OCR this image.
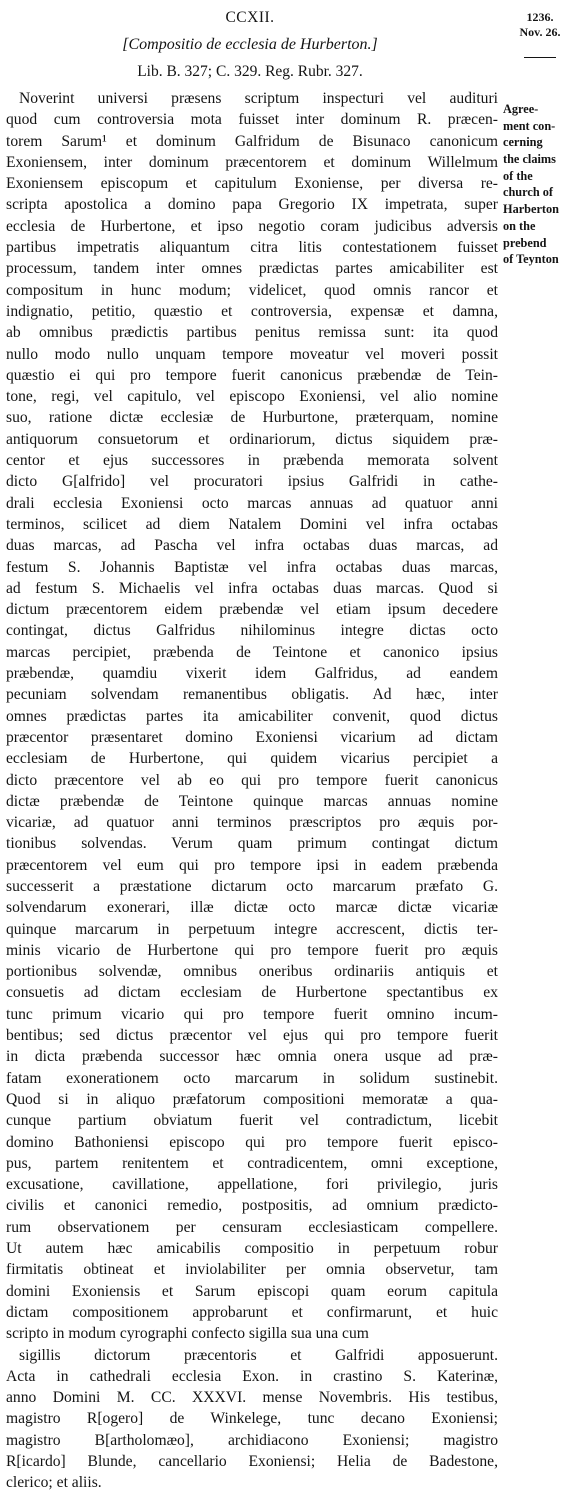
CCXII.
[Compositio de ecclesia de Hurberton.]
Lib. B. 327; C. 329. Reg. Rubr. 327.
1236.
Nov. 26.
Agree-
ment con-
cerning
the claims
of the
church of
Harberton
on the
prebend
of Teynton
Noverint universi præsens scriptum inspecturi vel audituri
quod cum controversia mota fuisset inter dominum R. præcen-
torem Sarum¹ et dominum Galfridum de Bisunaco canonicum
Exoniensem, inter dominum præcentorem et dominum Willelmum
Exoniensem episcopum et capitulum Exoniense, per diversa re-
scripta apostolica a domino papa Gregorio IX impetrata, super
ecclesia de Hurbertone, et ipso negotio coram judicibus adversis
partibus impetratis aliquantum citra litis contestationem fuisset
processum, tandem inter omnes prædictas partes amicabiliter est
compositum in hunc modum; videlicet, quod omnis rancor et
indignatio, petitio, quæstio et controversia, expensæ et damna,
ab omnibus prædictis partibus penitus remissa sunt: ita quod
nullo modo nullo unquam tempore moveatur vel moveri possit
quæstio ei qui pro tempore fuerit canonicus præbendæ de Tein-
tone, regi, vel capitulo, vel episcopo Exoniensi, vel alio nomine
suo, ratione dictæ ecclesiæ de Hurburtone, præterquam, nomine
antiquorum consuetorum et ordinariorum, dictus siquidem præ-
centor et ejus successores in præbenda memorata solvent
dicto G[alfrido] vel procuratori ipsius Galfridi in cathe-
drali ecclesia Exoniensi octo marcas annuas ad quatuor anni
terminos, scilicet ad diem Natalem Domini vel infra octabas
duas marcas, ad Pascha vel infra octabas duas marcas, ad
festum S. Johannis Baptistæ vel infra octabas duas marcas,
ad festum S. Michaelis vel infra octabas duas marcas. Quod si
dictum præcentorem eidem præbendæ vel etiam ipsum decedere
contingat, dictus Galfridus nihilominus integre dictas octo
marcas percipiet, præbenda de Teintone et canonico ipsius
præbendæ, quamdiu vixerit idem Galfridus, ad eandem
pecuniam solvendam remanentibus obligatis. Ad hæc, inter
omnes prædictas partes ita amicabiliter convenit, quod dictus
præcentor præsentaret domino Exoniensi vicarium ad dictam
ecclesiam de Hurbertone, qui quidem vicarius percipiet a
dicto præcentore vel ab eo qui pro tempore fuerit canonicus
dictæ præbendæ de Teintone quinque marcas annuas nomine
vicariæ, ad quatuor anni terminos præscriptos pro æquis por-
tionibus solvendas. Verum quam primum contingat dictum
præcentorem vel eum qui pro tempore ipsi in eadem præbenda
successerit a præstatione dictarum octo marcarum præfato G.
solvendarum exonerari, illæ dictæ octo marcæ dictæ vicariæ
quinque marcarum in perpetuum integre accrescent, dictis ter-
minis vicario de Hurbertone qui pro tempore fuerit pro æquis
portionibus solvendæ, omnibus oneribus ordinariis antiquis et
consuetis ad dictam ecclesiam de Hurbertone spectantibus ex
tunc primum vicario qui pro tempore fuerit omnino incum-
bentibus; sed dictus præcentor vel ejus qui pro tempore fuerit
in dicta præbenda successor hæc omnia onera usque ad præ-
fatam exonerationem octo marcarum in solidum sustinebit.
Quod si in aliquo præfatorum compositioni memoratæ a qua-
cunque partium obviatum fuerit vel contradictum, licebit
domino Bathoniensi episcopo qui pro tempore fuerit episco-
pus, partem renitentem et contradicentem, omni exceptione,
excusatione, cavillatione, appellatione, fori privilegio, juris
civilis et canonici remedio, postpositis, ad omnium prædicto-
rum observationem per censuram ecclesiasticam compellere.
Ut autem hæc amicabilis compositio in perpetuum robur
firmitatis obtineat et inviolabiliter per omnia observetur, tam
domini Exoniensis et Sarum episcopi quam eorum capitula
dictam compositionem approbarunt et confirmarunt, et huic
scripto in modum cyrographi confecto sigilla sua una cum
sigillis dictorum præcentoris et Galfridi apposuerunt.
Acta in cathedrali ecclesia Exon. in crastino S. Katerinæ,
anno Domini M. CC. XXXVI. mense Novembris. His testibus,
magistro R[ogero] de Winkelege, tunc decano Exoniensi;
magistro B[artholomæo], archidiacono Exoniensi; magistro
R[icardo] Blunde, cancellario Exoniensi; Helia de Badestone,
clerico; et aliis.
